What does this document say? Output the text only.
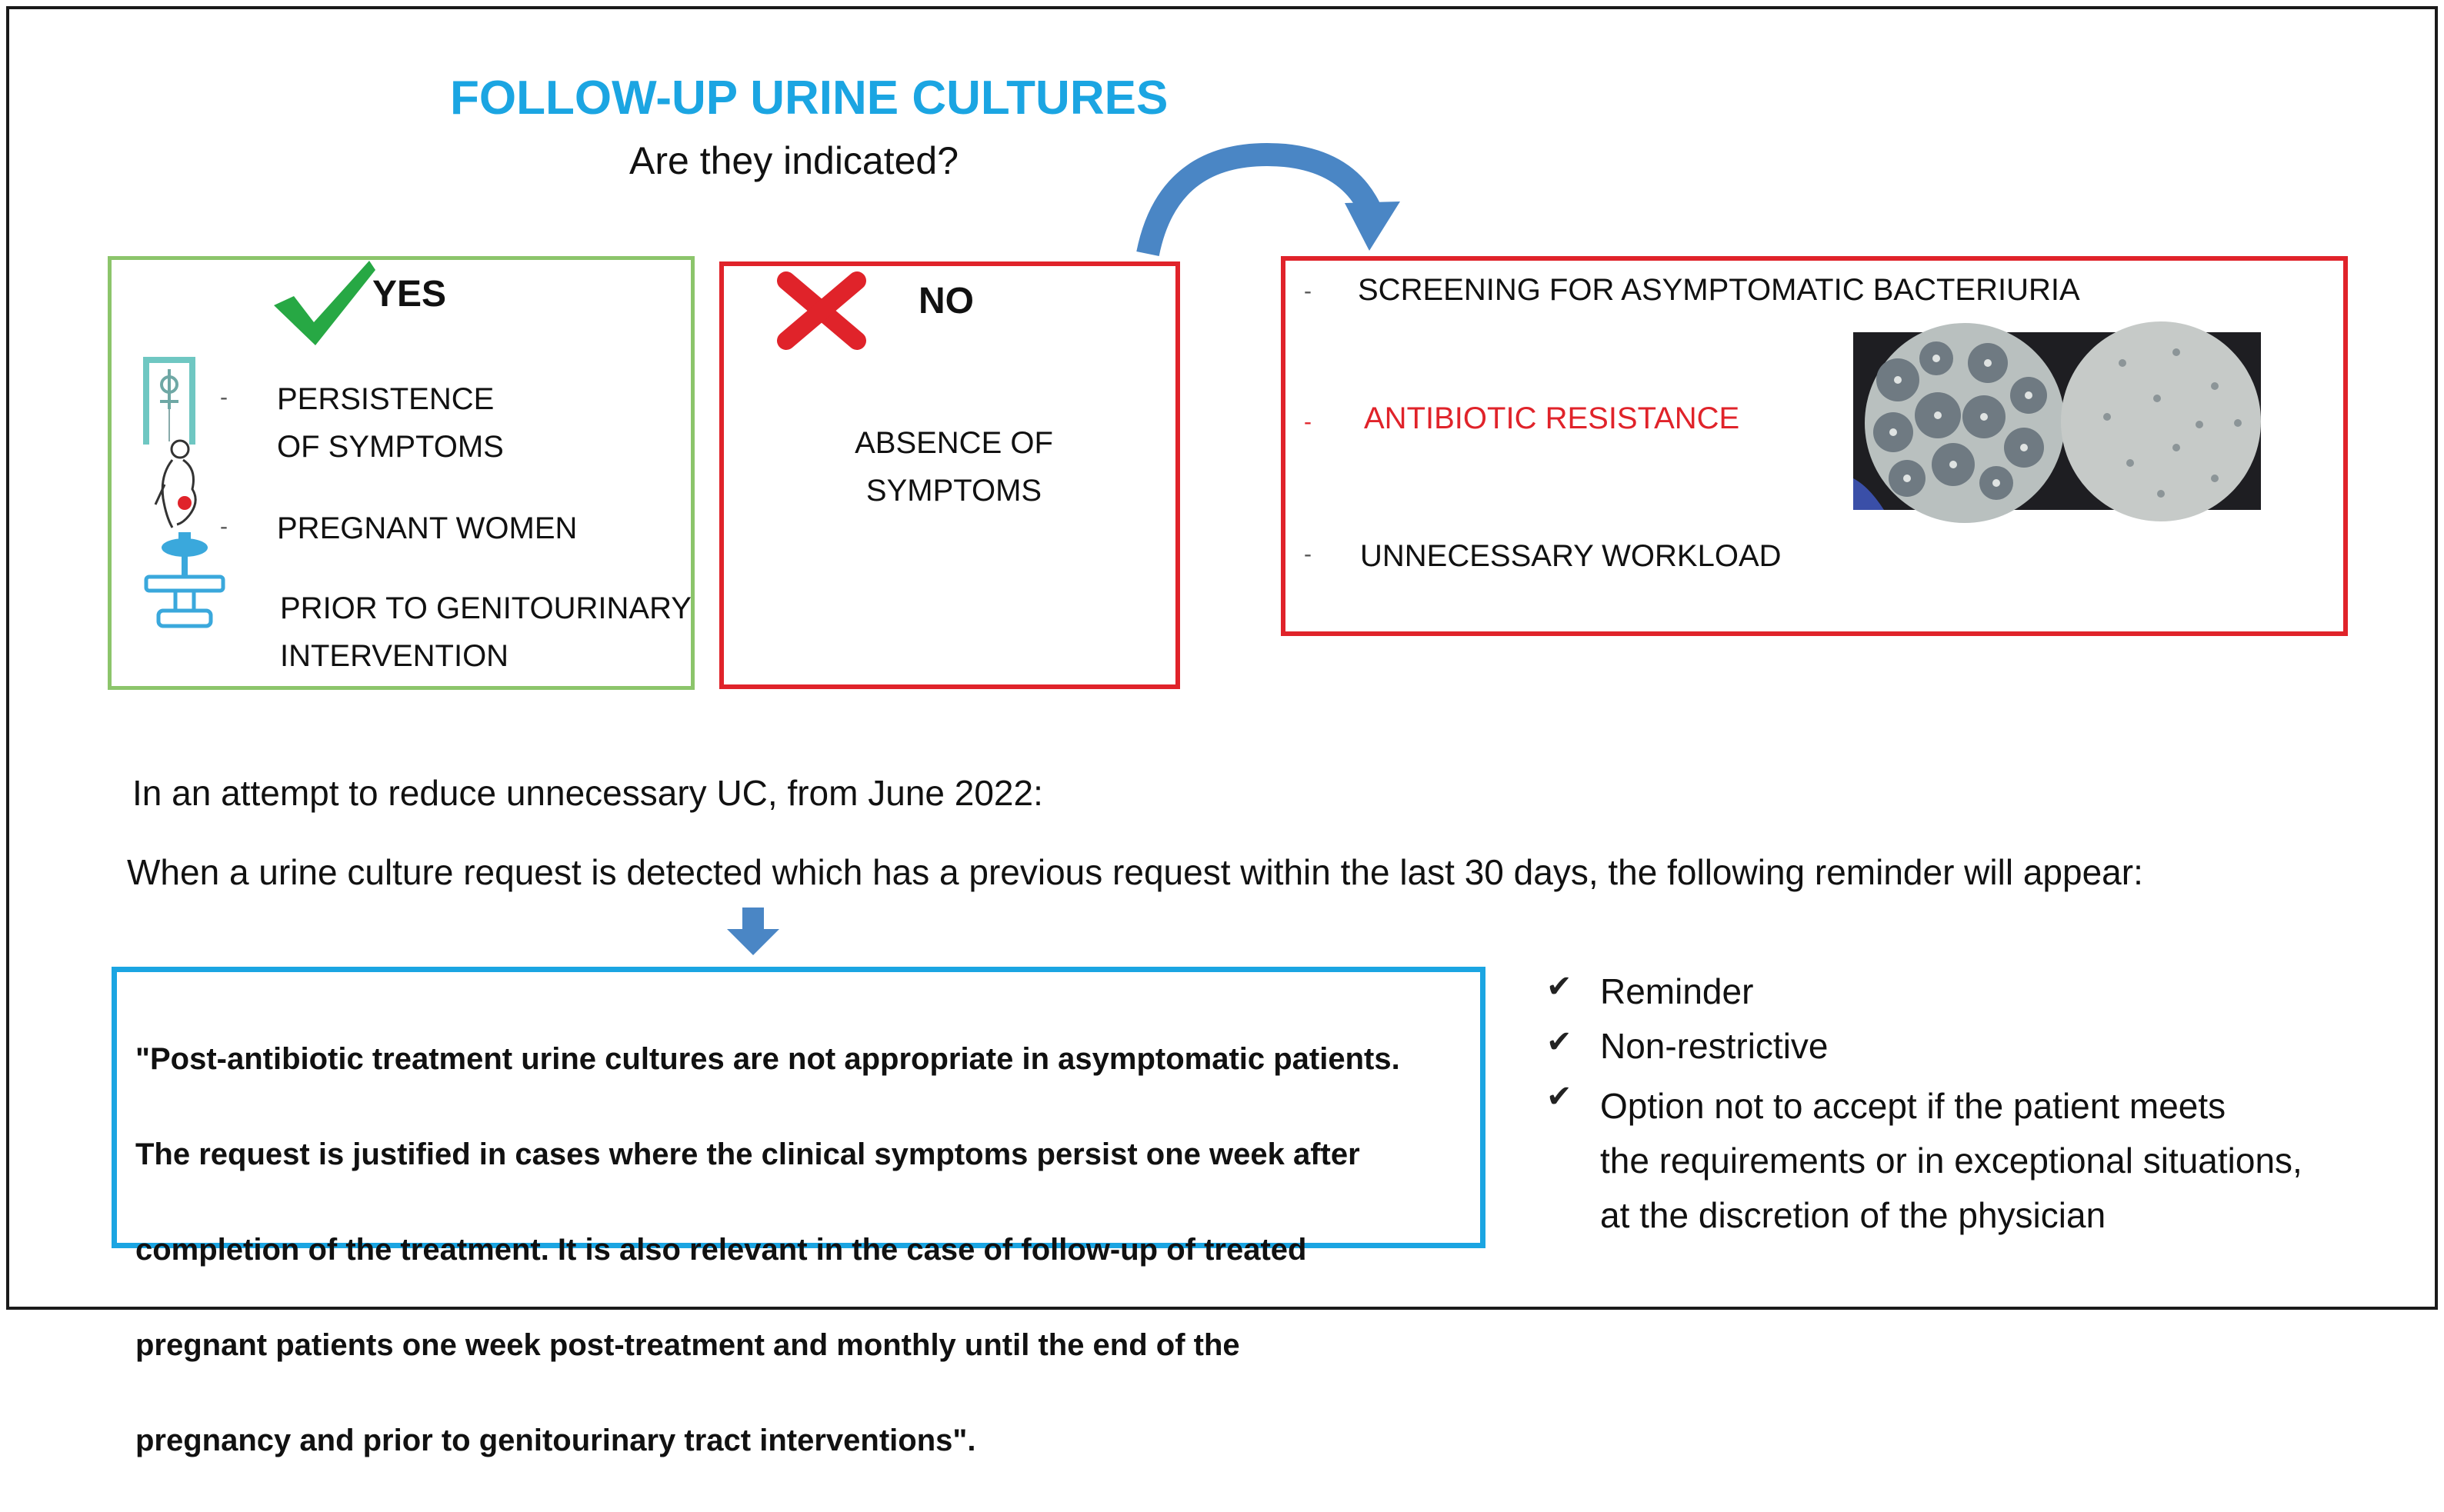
FOLLOW-UP URINE CULTURES
Are they indicated?
YES
-
-
PERSISTENCE
OF SYMPTOMS
PREGNANT WOMEN
PRIOR TO GENITOURINARY
INTERVENTION
NO
ABSENCE OF
SYMPTOMS
- SCREENING FOR ASYMPTOMATIC BACTERIURIA
- ANTIBIOTIC RESISTANCE
- UNNECESSARY WORKLOAD
In an attempt to reduce unnecessary UC, from June 2022:
When a urine culture request is detected which has a previous request within the last 30 days, the following reminder will appear:

"Post-antibiotic treatment urine cultures are not appropriate in asymptomatic patients.

The request is justified in cases where the clinical symptoms persist one week after

completion of the treatment. It is also relevant in the case of follow-up of treated

pregnant patients one week post-treatment and monthly until the end of the

pregnancy and prior to genitourinary tract interventions".

✔ Reminder
✔ Non-restrictive
✔ Option not to accept if the patient meets
the requirements or in exceptional situations,
at the discretion of the physician
